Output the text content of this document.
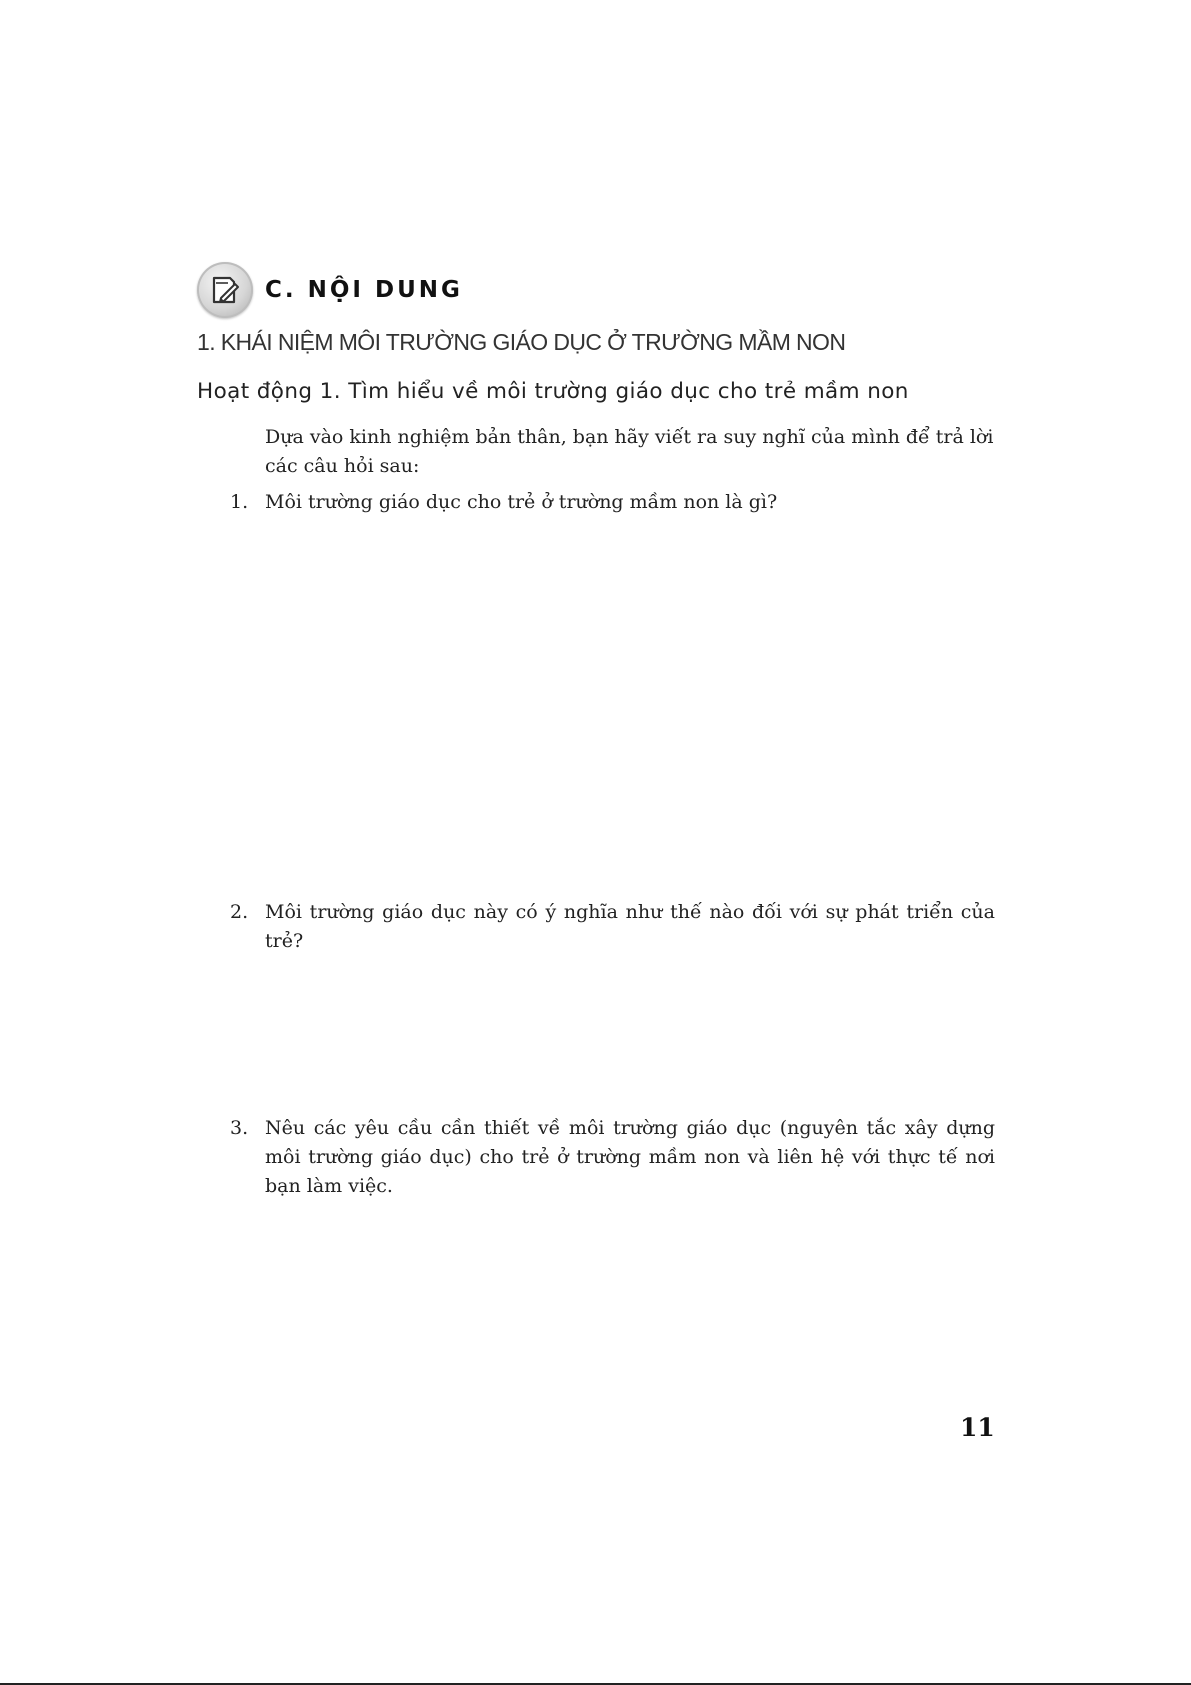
C. NỘI DUNG
1. KHÁI NIỆM MÔI TRƯỜNG GIÁO DỤC Ở TRƯỜNG MẦM NON
Hoạt động 1. Tìm hiểu về môi trường giáo dục cho trẻ mầm non
Dựa vào kinh nghiệm bản thân, bạn hãy viết ra suy nghĩ của mình để trả lời các câu hỏi sau:
1. Môi trường giáo dục cho trẻ ở trường mầm non là gì?
2. Môi trường giáo dục này có ý nghĩa như thế nào đối với sự phát triển của trẻ?
3. Nêu các yêu cầu cần thiết về môi trường giáo dục (nguyên tắc xây dựng môi trường giáo dục) cho trẻ ở trường mầm non và liên hệ với thực tế nơi bạn làm việc.
11
